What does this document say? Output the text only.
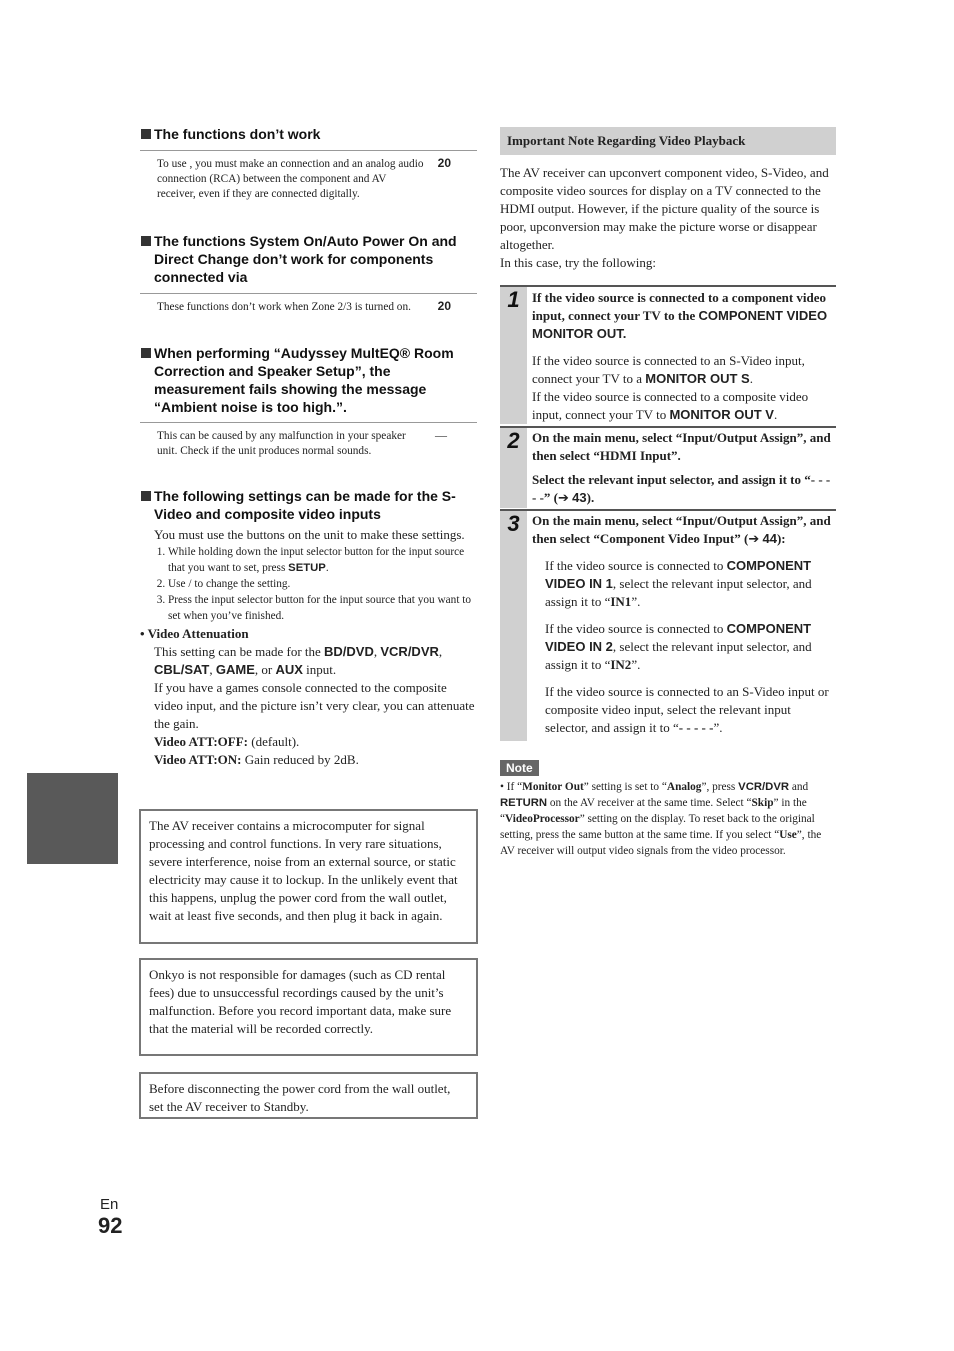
The functions don’t work
To use , you must make an connection and an analog audio connection (RCA) between the component and AV receiver, even if they are connected digitally.
20
The functions System On/Auto Power On and Direct Change don’t work for components connected via
These functions don’t work when Zone 2/3 is turned on.	20
When performing “Audyssey MultEQ® Room Correction and Speaker Setup”, the measurement fails showing the message “Ambient noise is too high.”.
This can be caused by any malfunction in your speaker unit. Check if the unit produces normal sounds.
—
The following settings can be made for the S-Video and composite video inputs
You must use the buttons on the unit to make these settings.
1. While holding down the input selector button for the input source that you want to set, press SETUP.
2. Use / to change the setting.
3. Press the input selector button for the input source that you want to set when you’ve finished.
• Video Attenuation
This setting can be made for the BD/DVD, VCR/DVR,
CBL/SAT, GAME, or AUX input.
If you have a games console connected to the composite video input, and the picture isn’t very clear, you can attenuate the gain.
Video ATT:OFF: (default).
Video ATT:ON: Gain reduced by 2dB.
The AV receiver contains a microcomputer for signal processing and control functions. In very rare situations, severe interference, noise from an external source, or static electricity may cause it to lockup. In the unlikely event that this happens, unplug the power cord from the wall outlet, wait at least five seconds, and then plug it back in again.
Onkyo is not responsible for damages (such as CD rental fees) due to unsuccessful recordings caused by the unit’s malfunction. Before you record important data, make sure that the material will be recorded correctly.
Before disconnecting the power cord from the wall outlet, set the AV receiver to Standby.
Important Note Regarding Video Playback
The AV receiver can upconvert component video, S-Video, and composite video sources for display on a TV connected to the HDMI output. However, if the picture quality of the source is poor, upconversion may make the picture worse or disappear altogether.
In this case, try the following:
1 If the video source is connected to a component video input, connect your TV to the COMPONENT VIDEO MONITOR OUT.
If the video source is connected to an S-Video input, connect your TV to a MONITOR OUT S.
If the video source is connected to a composite video input, connect your TV to MONITOR OUT V.
2 On the main menu, select “Input/Output Assign”, and then select “HDMI Input”.
Select the relevant input selector, and assign it to “- - - - -” (➔ 43).
3 On the main menu, select “Input/Output Assign”, and then select “Component Video Input” (➔ 44):
If the video source is connected to COMPONENT VIDEO IN 1, select the relevant input selector, and assign it to “IN1”.
If the video source is connected to COMPONENT VIDEO IN 2, select the relevant input selector, and assign it to “IN2”.
If the video source is connected to an S-Video input or composite video input, select the relevant input selector, and assign it to “- - - - -”.
Note
• If “Monitor Out” setting is set to “Analog”, press VCR/DVR and RETURN on the AV receiver at the same time. Select “Skip” in the “VideoProcessor” setting on the display. To reset back to the original setting, press the same button at the same time. If you select “Use”, the AV receiver will output video signals from the video processor.
En
92
